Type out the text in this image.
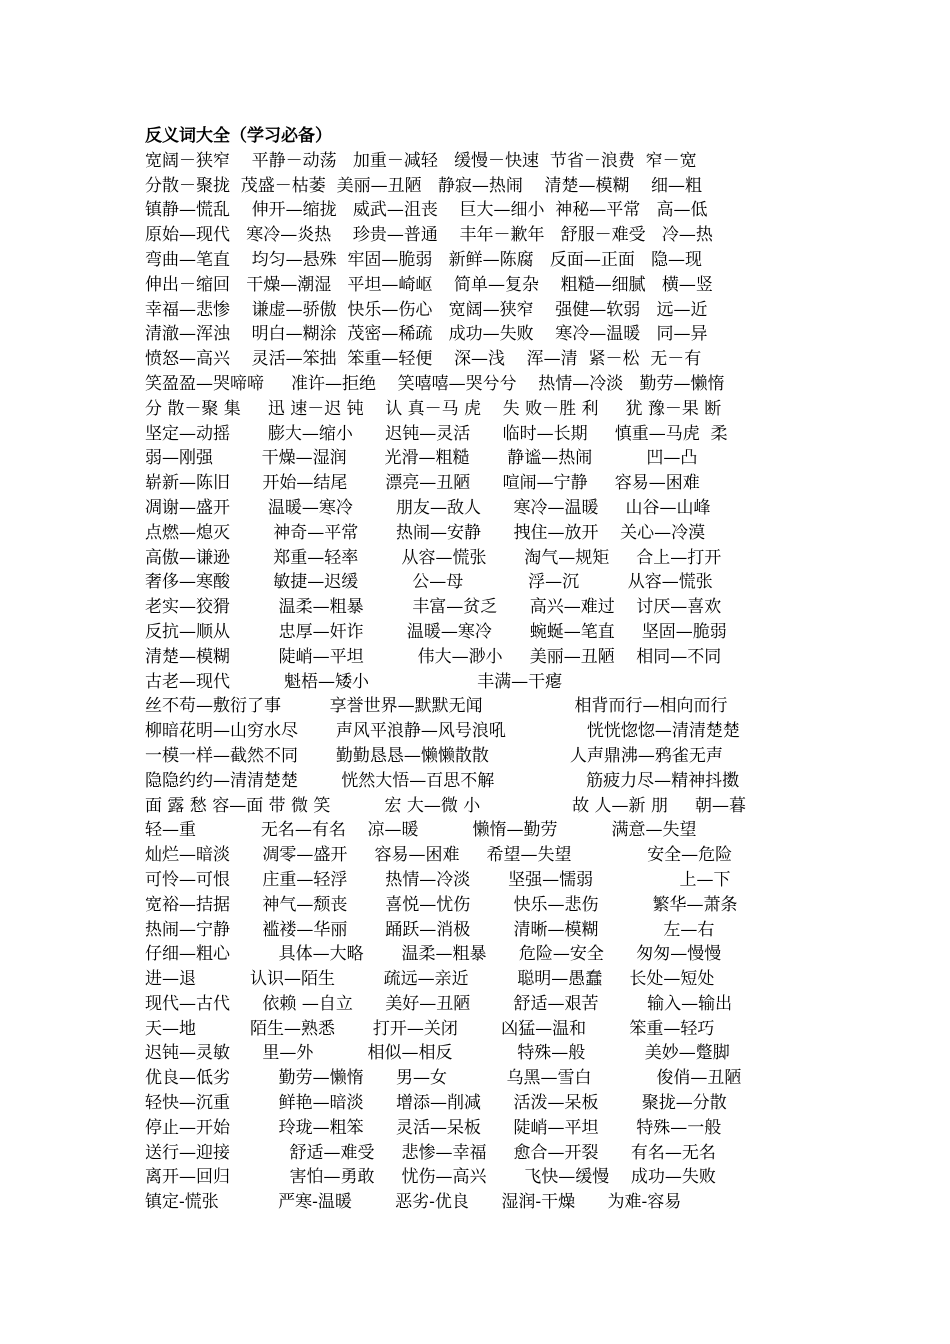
反义词大全（学习必备）
宽阔－狭窄    平静－动荡   加重－减轻   缓慢－快速  节省－浪费  窄－宽
分散－聚拢  茂盛－枯萎  美丽—丑陋   静寂—热闹    清楚—模糊    细—粗
镇静—慌乱    伸开—缩拢   威武—沮丧    巨大—细小  神秘—平常   高—低
原始—现代   寒冷—炎热    珍贵—普通    丰年－歉年   舒服－难受   冷—热
弯曲—笔直    均匀—悬殊  牢固—脆弱   新鲜—陈腐   反面—正面   隐—现
伸出－缩回   干燥—潮湿   平坦—崎岖    简单—复杂    粗糙—细腻   横—竖
幸福—悲惨    谦虚—骄傲  快乐—伤心   宽阔—狭窄    强健—软弱   远—近
清澈—浑浊    明白—糊涂  茂密—稀疏   成功—失败    寒冷—温暖   同—异
愤怒—高兴    灵活—笨拙  笨重—轻便    深—浅    浑—清  紧－松  无－有
笑盈盈—哭啼啼     准许—拒绝    笑嘻嘻—哭兮兮    热情—冷淡   勤劳—懒惰
分 散－聚 集     迅 速－迟 钝    认 真－马 虎    失 败－胜 利     犹 豫－果 断
坚定—动摇       膨大—缩小      迟钝—灵活      临时—长期     慎重—马虎  柔
弱—刚强         干燥—湿润       光滑—粗糙       静谧—热闹          凹—凸
崭新—陈旧      开始—结尾       漂亮—丑陋      喧闹—宁静     容易—困难
凋谢—盛开       温暖—寒冷        朋友—敌人      寒冷—温暖     山谷—山峰
点燃—熄灭        神奇—平常       热闹—安静      拽住—放开    关心—冷漠
高傲—谦逊        郑重—轻率        从容—慌张       淘气—规矩     合上—打开
奢侈—寒酸        敏捷—迟缓          公—母            浮—沉         从容—慌张
老实—狡猾         温柔—粗暴         丰富—贫乏      高兴—难过    讨厌—喜欢
反抗—顺从         忠厚—奸诈        温暖—寒冷       蜿蜒—笔直     坚固—脆弱
清楚—模糊         陡峭—平坦          伟大—渺小     美丽—丑陋    相同—不同
古老—现代          魁梧—矮小                    丰满—干瘪
丝不苟—敷衍了事         享誉世界—默默无闻                 相背而行—相向而行
柳暗花明—山穷水尽       声风平浪静—风号浪吼               恍恍惚惚—清清楚楚
一模一样—截然不同       勤勤恳恳—懒懒散散               人声鼎沸—鸦雀无声
隐隐约约—清清楚楚        恍然大悟—百思不解                 筋疲力尽—精神抖擞
面 露 愁 容—面 带 微 笑          宏 大—微 小                 故 人—新 朋     朝—暮
轻—重            无名—有名    凉—暖          懒惰—勤劳          满意—失望
灿烂—暗淡      凋零—盛开     容易—困难     希望—失望              安全—危险
可怜—可恨      庄重—轻浮       热情—冷淡       坚强—懦弱                上—下
宽裕—拮据      神气—颓丧       喜悦—忧伤        快乐—悲伤          繁华—萧条
热闹—宁静      褴褛—华丽       踊跃—消极        清晰—模糊            左—右
仔细—粗心         具体—大略       温柔—粗暴      危险—安全      匆匆—慢慢
进—退          认识—陌生         疏远—亲近         聪明—愚蠢     长处—短处
现代—古代      依赖 —自立      美好—丑陋        舒适—艰苦         输入—输出
天—地          陌生—熟悉       打开—关闭        凶猛—温和        笨重—轻巧
迟钝—灵敏      里—外          相似—相反            特殊—般           美妙—蹩脚
优良—低劣         勤劳—懒惰      男—女           乌黑—雪白            俊俏—丑陋
轻快—沉重         鲜艳—暗淡      增添—削减      活泼—呆板        聚拢—分散
停止—开始         玲珑—粗笨      灵活—呆板      陡峭—平坦       特殊—一般
送行—迎接           舒适—难受     悲惨—幸福     愈合—开裂      有名—无名
离开—回归           害怕—勇敢     忧伤—高兴       飞快—缓慢    成功—失败
镇定-慌张           严寒-温暖        恶劣-优良      湿润-干燥      为难-容易
